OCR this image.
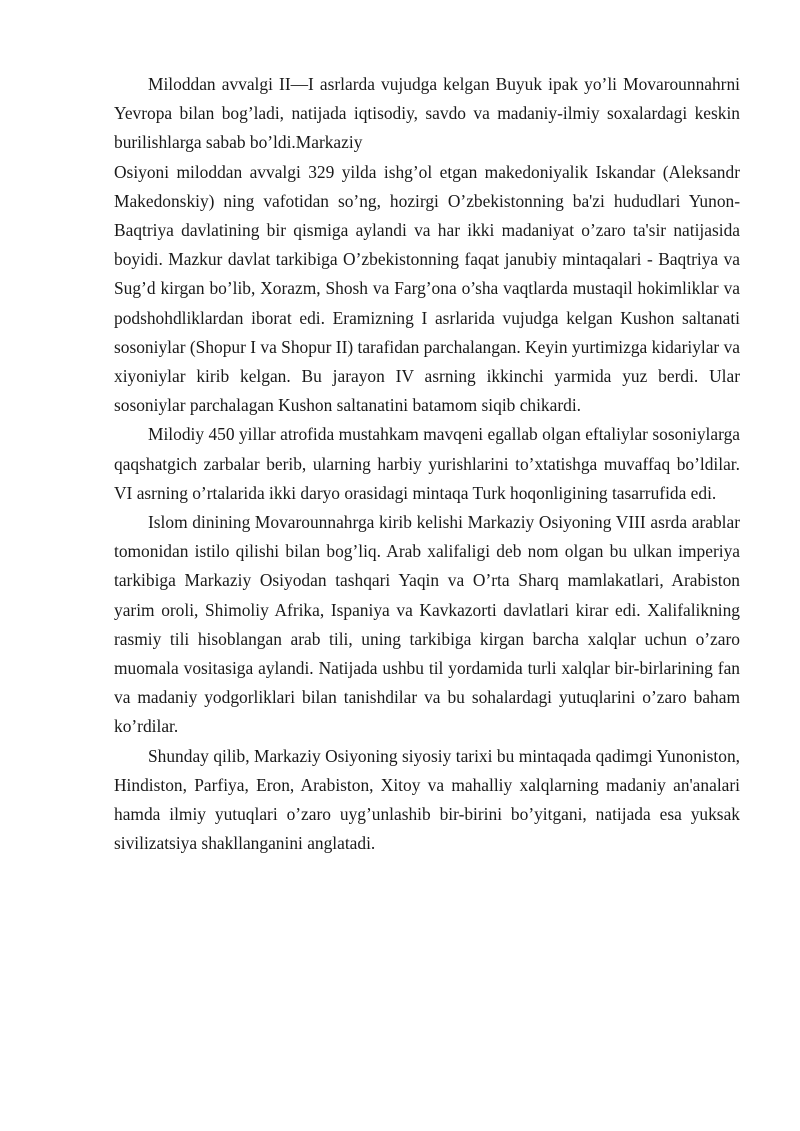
Miloddan avvalgi II—I asrlarda vujudga kelgan Buyuk ipak yo’li Movarounnahrni Yevropa bilan bog’ladi, natijada iqtisodiy, savdo va madaniy-ilmiy soxalardagi keskin burilishlarga sabab bo’ldi.Markaziy

Osiyoni miloddan avvalgi 329 yilda ishg’ol etgan makedoniyalik Iskandar (Aleksandr Makedonskiy) ning vafotidan so’ng, hozirgi O’zbekistonning ba'zi hududlari Yunon-Baqtriya davlatining bir qismiga aylandi va har ikki madaniyat o’zaro ta'sir natijasida boyidi. Mazkur davlat tarkibiga O’zbekistonning faqat janubiy mintaqalari - Baqtriya va Sug’d kirgan bo’lib, Xorazm, Shosh va Farg’ona o’sha vaqtlarda mustaqil hokimliklar va podshohdliklardan iborat edi. Eramizning I asrlarida vujudga kelgan Kushon saltanati sosoniylar (Shopur I va Shopur II) tarafidan parchalangan. Keyin yurtimizga kidariylar va xiyoniylar kirib kelgan. Bu jarayon IV asrning ikkinchi yarmida yuz berdi. Ular sosoniylar parchalagan Kushon saltanatini batamom siqib chikardi.

Milodiy 450 yillar atrofida mustahkam mavqeni egallab olgan eftaliylar sosoniylarga qaqshatgich zarbalar berib, ularning harbiy yurishlarini to’xtatishga muvaffaq bo’ldilar. VI asrning o’rtalarida ikki daryo orasidagi mintaqa Turk hoqonligining tasarrufida edi.

Islom dinining Movarounnahrga kirib kelishi Markaziy Osiyoning VIII asrda arablar tomonidan istilo qilishi bilan bog’liq. Arab xalifaligi deb nom olgan bu ulkan imperiya tarkibiga Markaziy Osiyodan tashqari Yaqin va O’rta Sharq mamlakatlari, Arabiston yarim oroli, Shimoliy Afrika, Ispaniya va Kavkazorti davlatlari kirar edi. Xalifalikning rasmiy tili hisoblangan arab tili, uning tarkibiga kirgan barcha xalqlar uchun o’zaro muomala vositasiga aylandi. Natijada ushbu til yordamida turli xalqlar bir-birlarining fan va madaniy yodgorliklari bilan tanishdilar va bu sohalardagi yutuqlarini o’zaro baham ko’rdilar.

Shunday qilib, Markaziy Osiyoning siyosiy tarixi bu mintaqada qadimgi Yunoniston, Hindiston, Parfiya, Eron, Arabiston, Xitoy va mahalliy xalqlarning madaniy an'analari hamda ilmiy yutuqlari o’zaro uyg’unlashib bir-birini bo’yitgani, natijada esa yuksak sivilizatsiya shakllanganini anglatadi.
